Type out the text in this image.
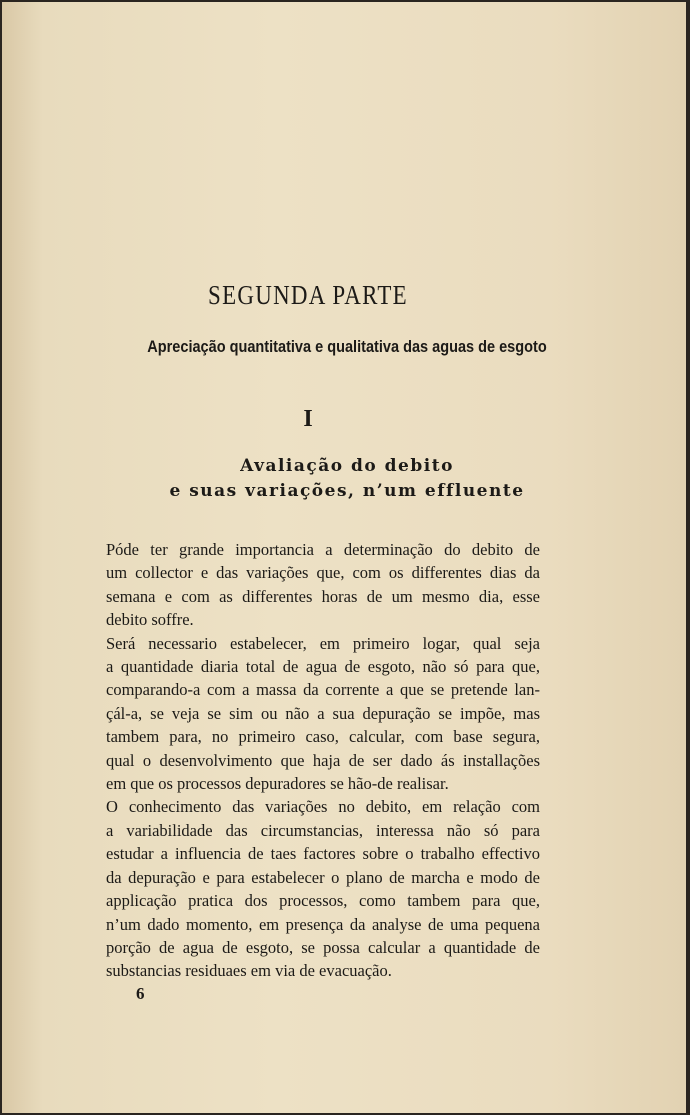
SEGUNDA PARTE
Apreciação quantitativa e qualitativa das aguas de esgoto
I
Avaliação do debito
e suas variações, n’um effluente

Póde ter grande importancia a determinação do debito de
um collector e das variações que, com os differentes dias da
semana e com as differentes horas de um mesmo dia, esse
debito soffre.

Será necessario estabelecer, em primeiro logar, qual seja
a quantidade diaria total de agua de esgoto, não só para que,
comparando-a com a massa da corrente a que se pretende lan-
çál-a, se veja se sim ou não a sua depuração se impõe, mas
tambem para, no primeiro caso, calcular, com base segura,
qual o desenvolvimento que haja de ser dado ás installações
em que os processos depuradores se hão-de realisar.

O conhecimento das variações no debito, em relação com
a variabilidade das circumstancias, interessa não só para
estudar a influencia de taes factores sobre o trabalho effectivo
da depuração e para estabelecer o plano de marcha e modo de
applicação pratica dos processos, como tambem para que,
n’um dado momento, em presença da analyse de uma pequena
porção de agua de esgoto, se possa calcular a quantidade de
substancias residuaes em via de evacuação.

6
